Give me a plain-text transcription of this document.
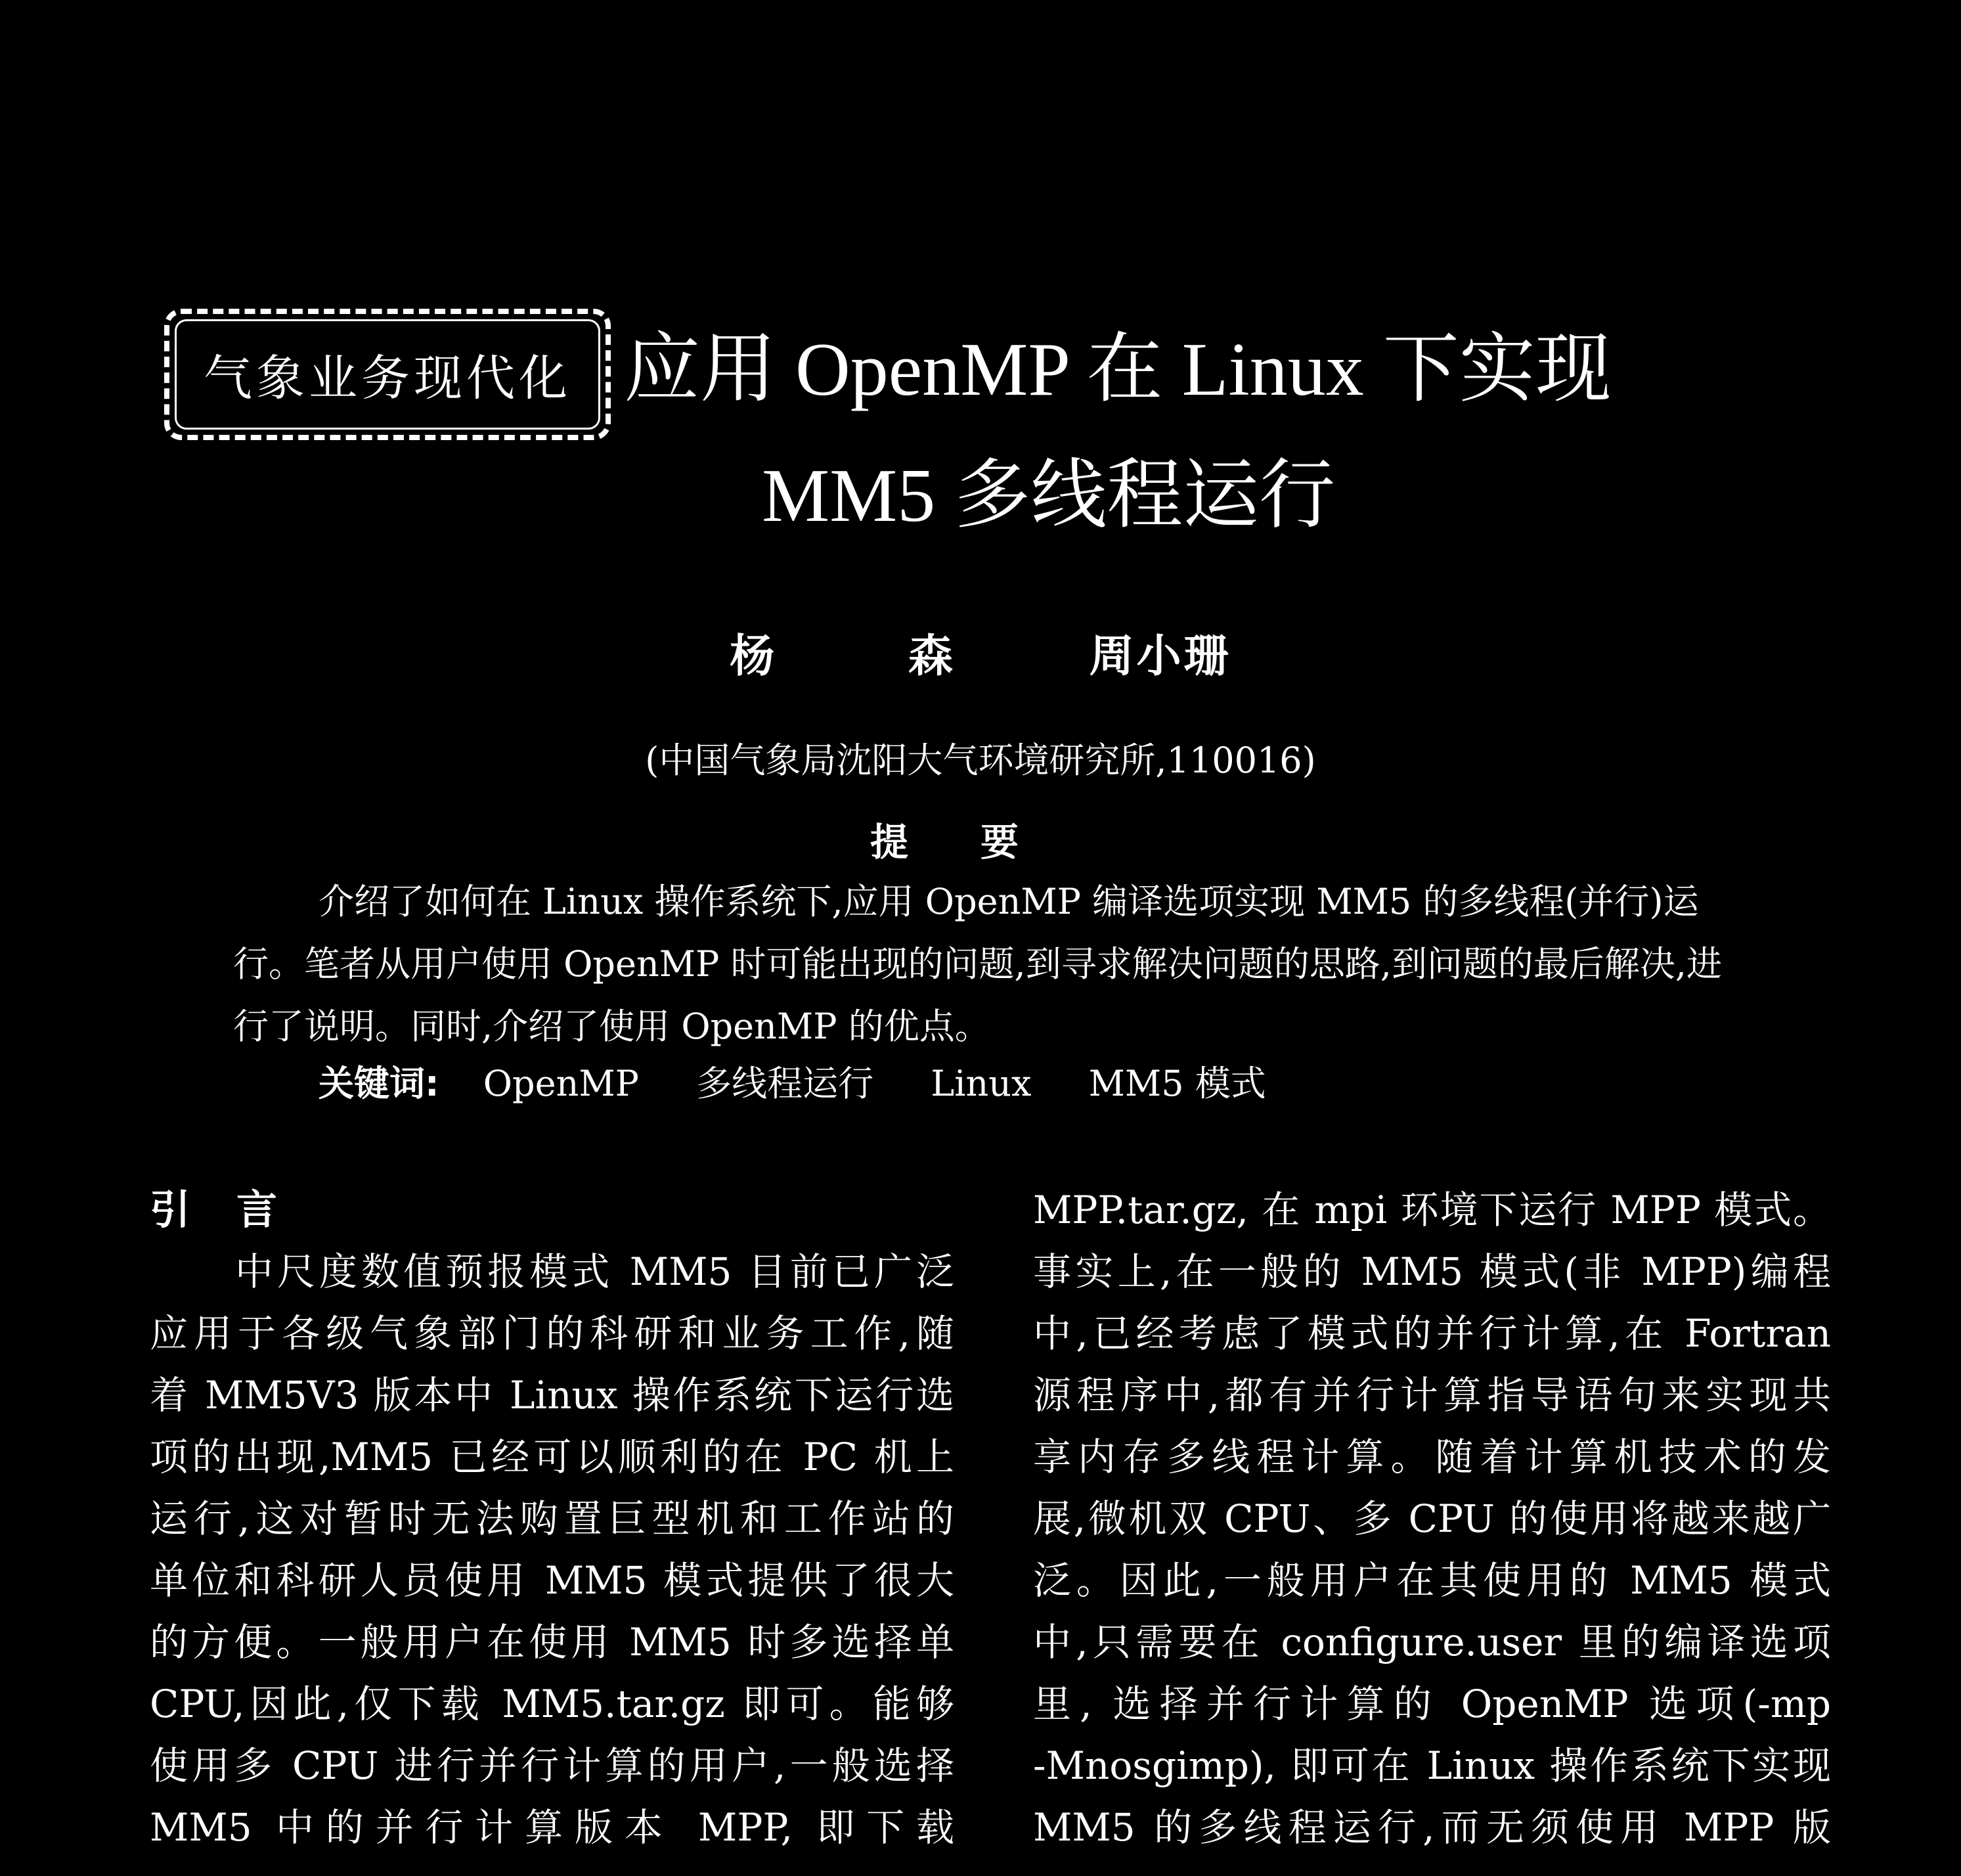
气象业务现代化 应用 OpenMP 在 Linux 下实现
MM5 多线程运行
杨 森 周小珊
(中国气象局沈阳大气环境研究所,110016)
提要
介绍了如何在 Linux 操作系统下,应用 OpenMP 编译选项实现 MM5 的多线程(并行)运行。笔者从用户使用 OpenMP 时可能出现的问题,到寻求解决问题的思路,到问题的最后解决,进行了说明。同时,介绍了使用 OpenMP 的优点。
关键词: OpenMP 多线程运行 Linux MM5 模式
引言
中尺度数值预报模式 MM5 目前已广泛
应用于各级气象部门的科研和业务工作,随
着 MM5V3 版本中 Linux 操作系统下运行选
项的出现,MM5 已经可以顺利的在 PC 机上
运行,这对暂时无法购置巨型机和工作站的
单位和科研人员使用 MM5 模式提供了很大
的方便。一般用户在使用 MM5 时多选择单
CPU,因此,仅下载 MM5.tar.gz 即可。能够
使用多 CPU 进行并行计算的用户,一般选择
MM5 中的并行计算版本 MPP, 即下载
MPP.tar.gz, 在 mpi 环境下运行 MPP 模式。
事实上,在一般的 MM5 模式(非 MPP)编程
中,已经考虑了模式的并行计算,在 Fortran
源程序中,都有并行计算指导语句来实现共
享内存多线程计算。随着计算机技术的发
展,微机双 CPU、多 CPU 的使用将越来越广
泛。因此,一般用户在其使用的 MM5 模式
中,只需要在 configure.user 里的编译选项
里, 选择并行计算的 OpenMP 选项(-mp
-Mnosgimp), 即可在 Linux 操作系统下实现
MM5 的多线程运行,而无须使用 MPP 版
